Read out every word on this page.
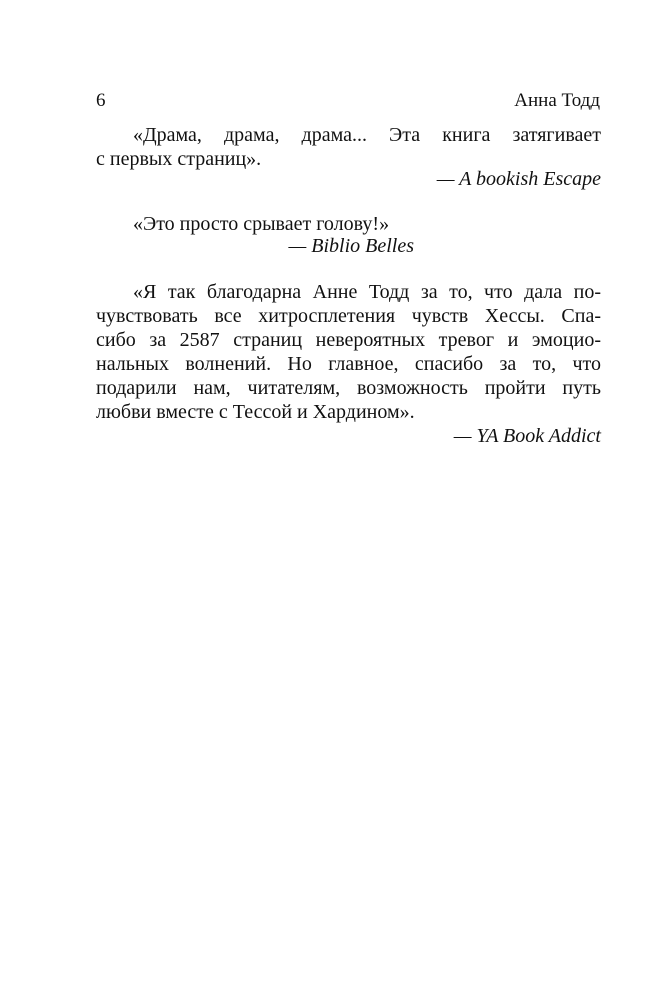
6	Анна Тодд
«Драма, драма, драма... Эта книга затягивает
с первых страниц».
— A bookish Escape
«Это просто срывает голову!»
— Biblio Belles
«Я так благодарна Анне Тодд за то, что дала по-
чувствовать все хитросплетения чувств Хессы. Спа-
сибо за 2587 страниц невероятных тревог и эмоцио-
нальных волнений. Но главное, спасибо за то, что
подарили нам, читателям, возможность пройти путь
любви вместе с Тессой и Хардином».
— YA Book Addict
